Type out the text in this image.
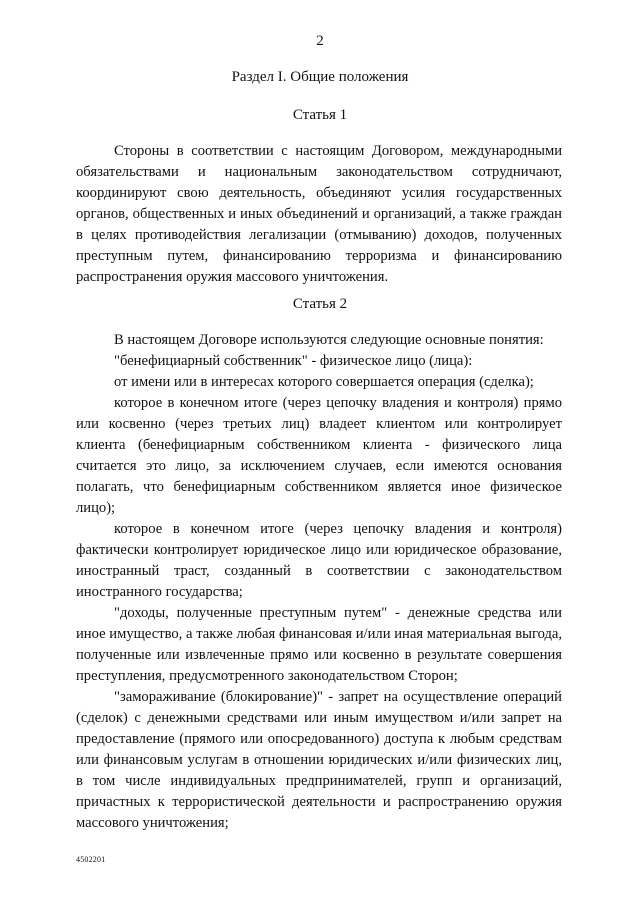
2
Раздел I. Общие положения
Статья 1

Стороны в соответствии с настоящим Договором, международными обязательствами и национальным законодательством сотрудничают, координируют свою деятельность, объединяют усилия государственных органов, общественных и иных объединений и организаций, а также граждан в целях противодействия легализации (отмыванию) доходов, полученных преступным путем, финансированию терроризма и финансированию распространения оружия массового уничтожения.

Статья 2

В настоящем Договоре используются следующие основные понятия:

"бенефициарный собственник" - физическое лицо (лица):

от имени или в интересах которого совершается операция (сделка);

которое в конечном итоге (через цепочку владения и контроля) прямо или косвенно (через третьих лиц) владеет клиентом или контролирует клиента (бенефициарным собственником клиента - физического лица считается это лицо, за исключением случаев, если имеются основания полагать, что бенефициарным собственником является иное физическое лицо);

которое в конечном итоге (через цепочку владения и контроля) фактически контролирует юридическое лицо или юридическое образование, иностранный траст, созданный в соответствии с законодательством иностранного государства;

"доходы, полученные преступным путем" - денежные средства или иное имущество, а также любая финансовая и/или иная материальная выгода, полученные или извлеченные прямо или косвенно в результате совершения преступления, предусмотренного законодательством Сторон;

"замораживание (блокирование)" - запрет на осуществление операций (сделок) с денежными средствами или иным имуществом и/или запрет на предоставление (прямого или опосредованного) доступа к любым средствам или финансовым услугам в отношении юридических и/или физических лиц, в том числе индивидуальных предпринимателей, групп и организаций, причастных к террористической деятельности и распространению оружия массового уничтожения;

4502201
